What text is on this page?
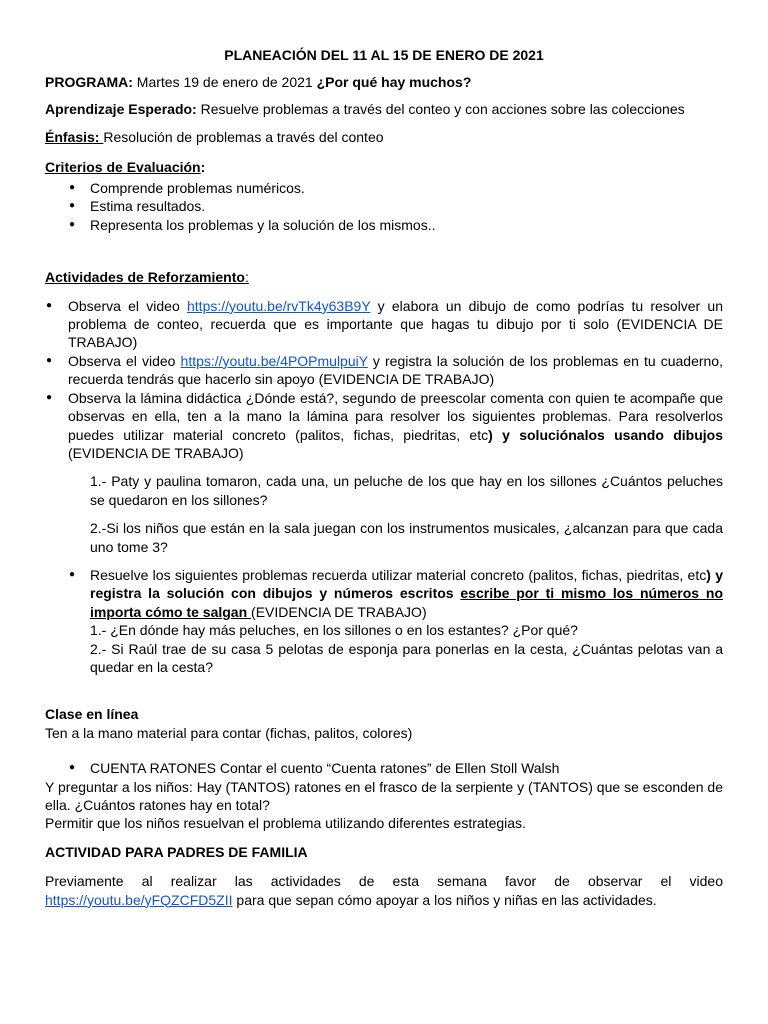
PLANEACIÓN DEL 11 AL 15 DE ENERO DE 2021

PROGRAMA: Martes 19 de enero de 2021 ¿Por qué hay muchos?

Aprendizaje Esperado: Resuelve problemas a través del conteo y con acciones sobre las colecciones

Énfasis: Resolución de problemas a través del conteo

Criterios de Evaluación:

● Comprende problemas numéricos.
● Estima resultados.
● Representa los problemas y la solución de los mismos..

Actividades de Reforzamiento:

● Observa el video https://youtu.be/rvTk4y63B9Y y elabora un dibujo de como podrías tu resolver un problema de conteo, recuerda que es importante que hagas tu dibujo por ti solo (EVIDENCIA DE TRABAJO)
● Observa el video https://youtu.be/4POPmulpuiY y registra la solución de los problemas en tu cuaderno, recuerda tendrás que hacerlo sin apoyo (EVIDENCIA DE TRABAJO)
● Observa la lámina didáctica ¿Dónde está?, segundo de preescolar comenta con quien te acompañe que observas en ella, ten a la mano la lámina para resolver los siguientes problemas. Para resolverlos puedes utilizar material concreto (palitos, fichas, piedritas, etc) y soluciónalos usando dibujos (EVIDENCIA DE TRABAJO)

1.- Paty y paulina tomaron, cada una, un peluche de los que hay en los sillones ¿Cuántos peluches se quedaron en los sillones?

2.-Si los niños que están en la sala juegan con los instrumentos musicales, ¿alcanzan para que cada uno tome 3?

● Resuelve los siguientes problemas recuerda utilizar material concreto (palitos, fichas, piedritas, etc) y registra la solución con dibujos y números escritos escribe por ti mismo los números no importa cómo te salgan (EVIDENCIA DE TRABAJO)

1.- ¿En dónde hay más peluches, en los sillones o en los estantes? ¿Por qué?

2.- Si Raúl trae de su casa 5 pelotas de esponja para ponerlas en la cesta, ¿Cuántas pelotas van a quedar en la cesta?

Clase en línea

Ten a la mano material para contar (fichas, palitos, colores)

● CUENTA RATONES Contar el cuento “Cuenta ratones” de Ellen Stoll Walsh

Y preguntar a los niños: Hay (TANTOS) ratones en el frasco de la serpiente y (TANTOS) que se esconden de ella. ¿Cuántos ratones hay en total?

Permitir que los niños resuelvan el problema utilizando diferentes estrategias.

ACTIVIDAD PARA PADRES DE FAMILIA

Previamente al realizar las actividades de esta semana favor de observar el video https://youtu.be/yFQZCFD5ZII para que sepan cómo apoyar a los niños y niñas en las actividades.
